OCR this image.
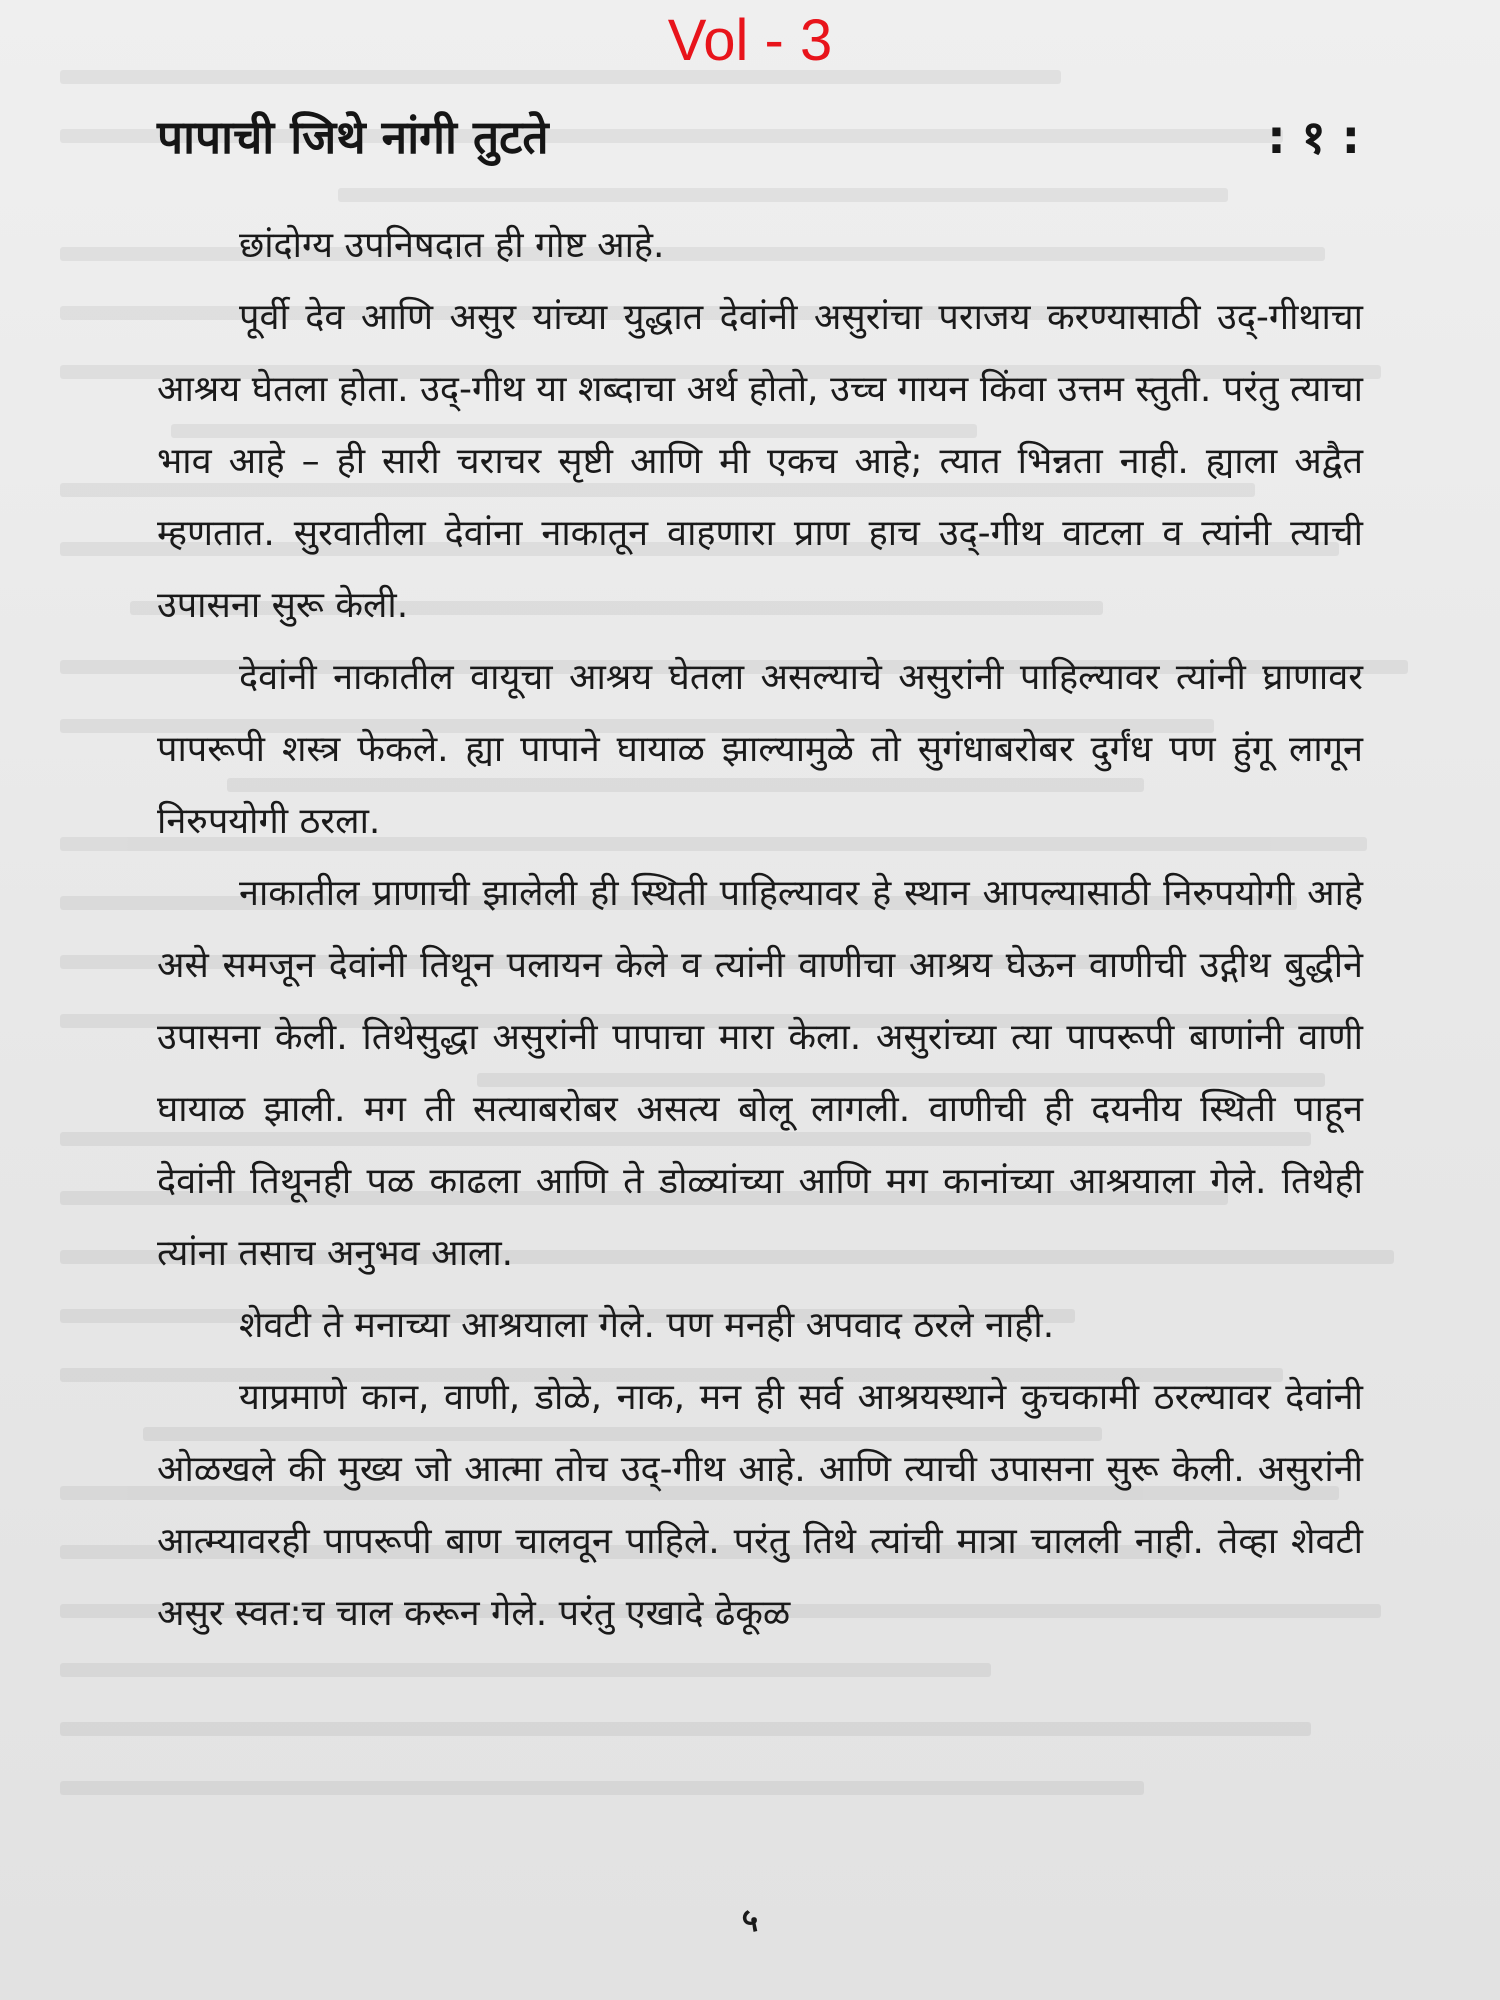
Vol - 3
पापाची जिथे नांगी तुटते	: १ :

छांदोग्य उपनिषदात ही गोष्ट आहे.

पूर्वी देव आणि असुर यांच्या युद्धात देवांनी असुरांचा पराजय करण्यासाठी उद्-गीथाचा आश्रय घेतला होता. उद्-गीथ या शब्दाचा अर्थ होतो, उच्च गायन किंवा उत्तम स्तुती. परंतु त्याचा भाव आहे – ही सारी चराचर सृष्टी आणि मी एकच आहे; त्यात भिन्नता नाही. ह्याला अद्वैत म्हणतात. सुरवातीला देवांना नाकातून वाहणारा प्राण हाच उद्-गीथ वाटला व त्यांनी त्याची उपासना सुरू केली.

देवांनी नाकातील वायूचा आश्रय घेतला असल्याचे असुरांनी पाहिल्यावर त्यांनी घ्राणावर पापरूपी शस्त्र फेकले. ह्या पापाने घायाळ झाल्यामुळे तो सुगंधाबरोबर दुर्गंध पण हुंगू लागून निरुपयोगी ठरला.

नाकातील प्राणाची झालेली ही स्थिती पाहिल्यावर हे स्थान आपल्यासाठी निरुपयोगी आहे असे समजून देवांनी तिथून पलायन केले व त्यांनी वाणीचा आश्रय घेऊन वाणीची उद्गीथ बुद्धीने उपासना केली. तिथेसुद्धा असुरांनी पापाचा मारा केला. असुरांच्या त्या पापरूपी बाणांनी वाणी घायाळ झाली. मग ती सत्याबरोबर असत्य बोलू लागली. वाणीची ही दयनीय स्थिती पाहून देवांनी तिथूनही पळ काढला आणि ते डोळ्यांच्या आणि मग कानांच्या आश्रयाला गेले. तिथेही त्यांना तसाच अनुभव आला.

शेवटी ते मनाच्या आश्रयाला गेले. पण मनही अपवाद ठरले नाही.

याप्रमाणे कान, वाणी, डोळे, नाक, मन ही सर्व आश्रयस्थाने कुचकामी ठरल्यावर देवांनी ओळखले की मुख्य जो आत्मा तोच उद्-गीथ आहे. आणि त्याची उपासना सुरू केली. असुरांनी आत्म्यावरही पापरूपी बाण चालवून पाहिले. परंतु तिथे त्यांची मात्रा चालली नाही. तेव्हा शेवटी असुर स्वत:च चाल करून गेले. परंतु एखादे ढेकूळ

५
